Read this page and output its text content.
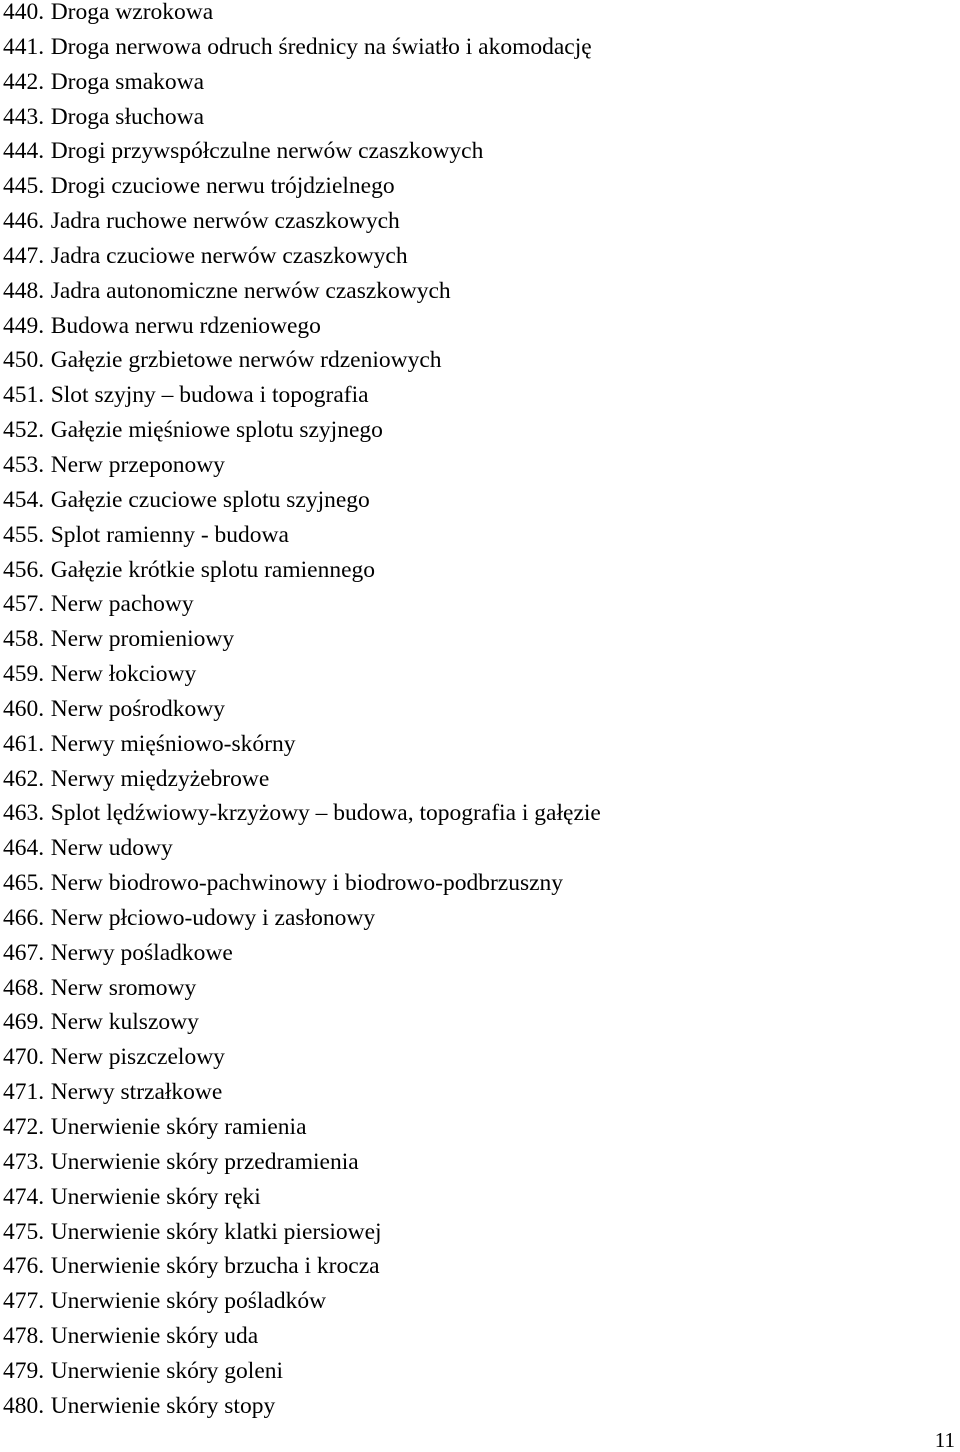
440. Droga wzrokowa
441. Droga nerwowa odruch średnicy na światło i akomodację
442. Droga smakowa
443. Droga słuchowa
444. Drogi przywspółczulne nerwów czaszkowych
445. Drogi czuciowe nerwu trójdzielnego
446. Jadra ruchowe nerwów czaszkowych
447. Jadra czuciowe nerwów czaszkowych
448. Jadra autonomiczne nerwów czaszkowych
449. Budowa nerwu rdzeniowego
450. Gałęzie grzbietowe nerwów rdzeniowych
451. Slot szyjny – budowa i topografia
452. Gałęzie mięśniowe splotu szyjnego
453. Nerw przeponowy
454. Gałęzie czuciowe splotu szyjnego
455. Splot ramienny - budowa
456. Gałęzie krótkie splotu ramiennego
457. Nerw pachowy
458. Nerw promieniowy
459. Nerw łokciowy
460. Nerw pośrodkowy
461. Nerwy mięśniowo-skórny
462. Nerwy międzyżebrowe
463. Splot lędźwiowy-krzyżowy – budowa, topografia i gałęzie
464. Nerw udowy
465. Nerw biodrowo-pachwinowy i biodrowo-podbrzuszny
466. Nerw płciowo-udowy i zasłonowy
467. Nerwy pośladkowe
468. Nerw sromowy
469. Nerw kulszowy
470. Nerw piszczelowy
471. Nerwy strzałkowe
472. Unerwienie skóry ramienia
473. Unerwienie skóry przedramienia
474. Unerwienie skóry ręki
475. Unerwienie skóry klatki piersiowej
476. Unerwienie skóry brzucha i krocza
477. Unerwienie skóry pośladków
478. Unerwienie skóry uda
479. Unerwienie skóry goleni
480. Unerwienie skóry stopy
11
